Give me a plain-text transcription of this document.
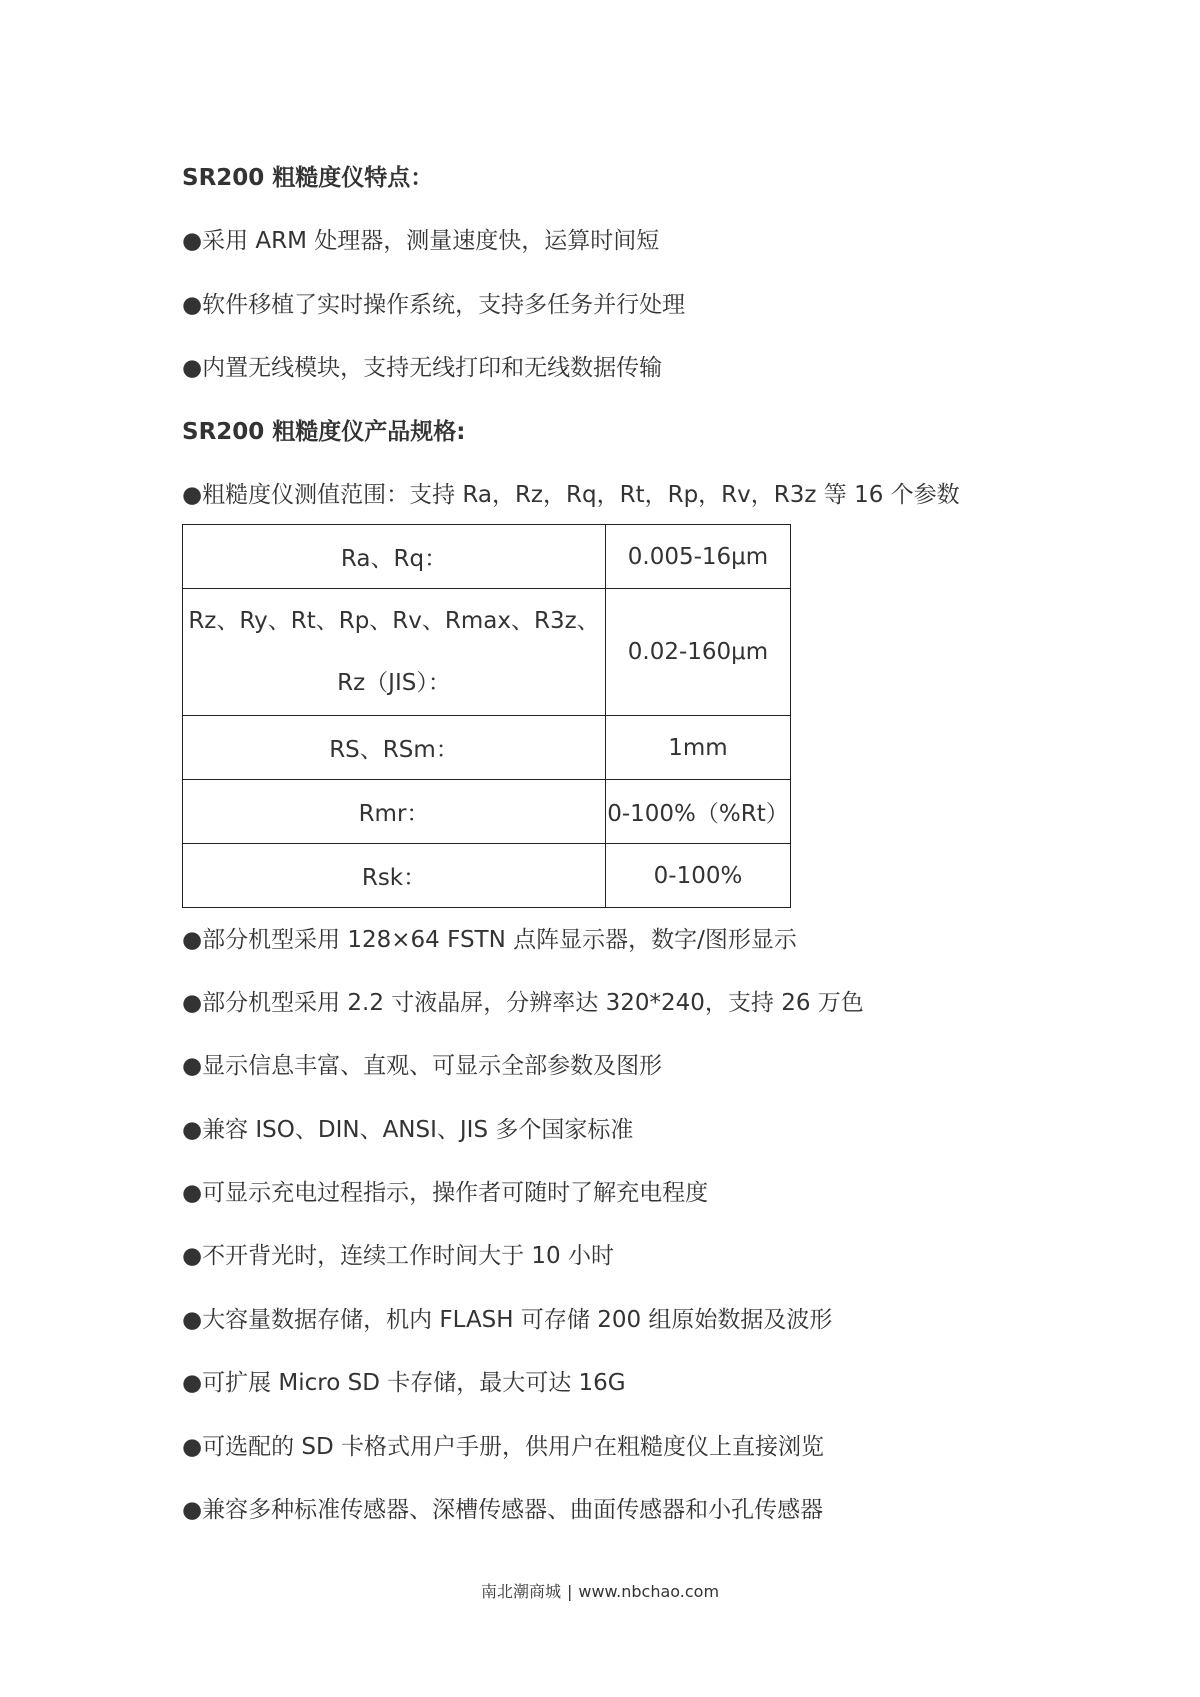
SR200 粗糙度仪特点：
●采用 ARM 处理器，测量速度快，运算时间短
●软件移植了实时操作系统，支持多任务并行处理
●内置无线模块，支持无线打印和无线数据传输
SR200 粗糙度仪产品规格:
●粗糙度仪测值范围：支持 Ra，Rz，Rq，Rt，Rp，Rv，R3z 等 16 个参数
Ra、Rq：	0.005-16μm

Rz、Ry、Rt、Rp、Rv、Rmax、R3z、
Rz（JIS）：	0.02-160μm
RS、RSm：	1mm
Rmr：	0-100%（%Rt）
Rsk：	0-100%
●部分机型采用 128×64 FSTN 点阵显示器，数字/图形显示
●部分机型采用 2.2 寸液晶屏，分辨率达 320*240，支持 26 万色
●显示信息丰富、直观、可显示全部参数及图形
●兼容 ISO、DIN、ANSI、JIS 多个国家标准
●可显示充电过程指示，操作者可随时了解充电程度
●不开背光时，连续工作时间大于 10 小时
●大容量数据存储，机内 FLASH 可存储 200 组原始数据及波形
●可扩展 Micro SD 卡存储，最大可达 16G
●可选配的 SD 卡格式用户手册，供用户在粗糙度仪上直接浏览
●兼容多种标准传感器、深槽传感器、曲面传感器和小孔传感器
南北潮商城 | www.nbchao.com
